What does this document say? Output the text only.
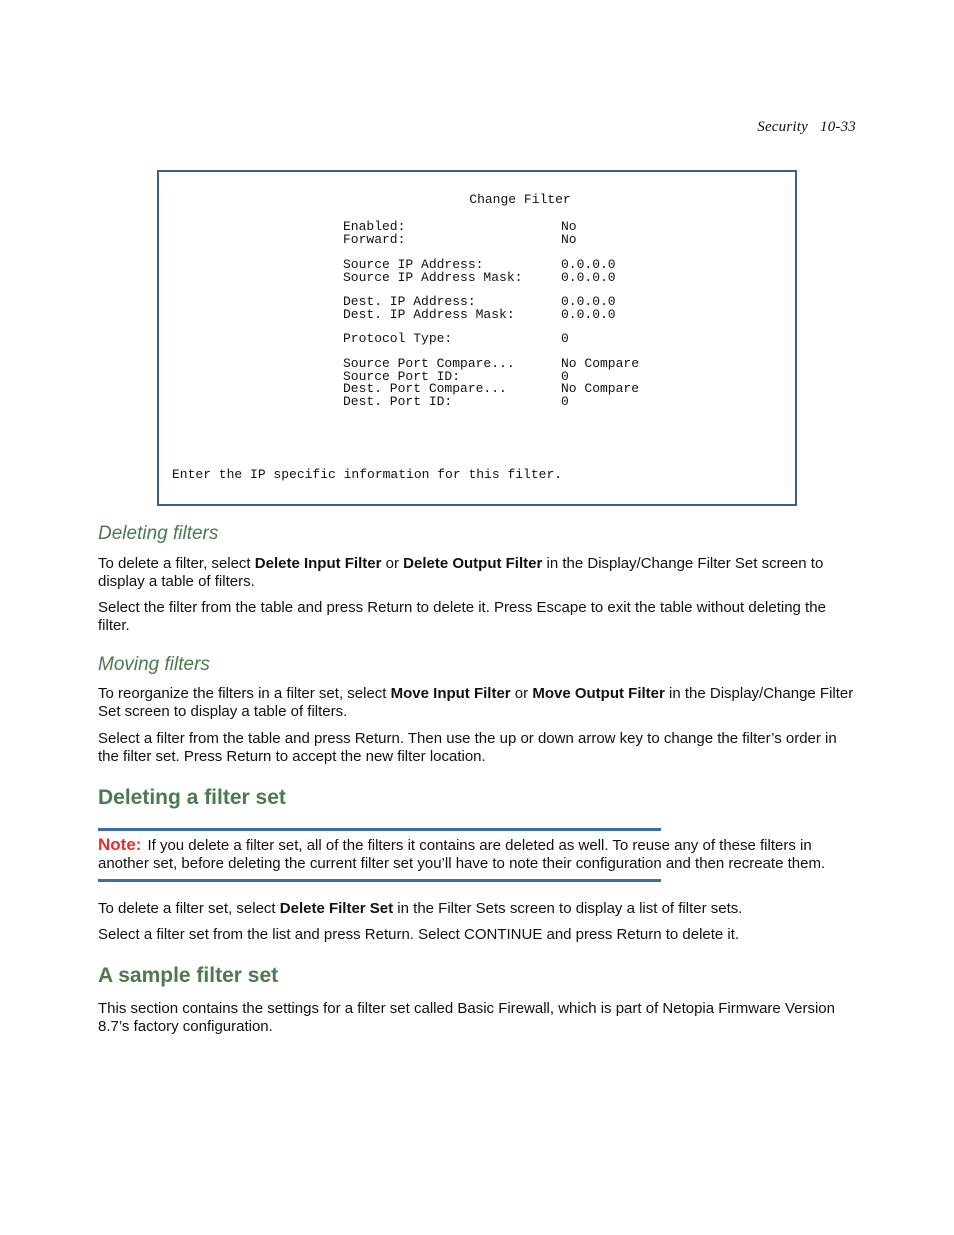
Security 10-33
Change Filter
Enabled:	No
Forward:	No
Source IP Address:	0.0.0.0
Source IP Address Mask:	0.0.0.0
Dest. IP Address:	0.0.0.0
Dest. IP Address Mask:	0.0.0.0
Protocol Type:	0
Source Port Compare...	No Compare
Source Port ID:	0
Dest. Port Compare...	No Compare
Dest. Port ID:	0
Enter the IP specific information for this filter.
Deleting filters

To delete a filter, select Delete Input Filter or Delete Output Filter in the Display/Change Filter Set screen to display a table of filters.

Select the filter from the table and press Return to delete it. Press Escape to exit the table without deleting the filter.

Moving filters

To reorganize the filters in a filter set, select Move Input Filter or Move Output Filter in the Display/Change Filter Set screen to display a table of filters.

Select a filter from the table and press Return. Then use the up or down arrow key to change the filter’s order in the filter set. Press Return to accept the new filter location.

Deleting a filter set

Note: If you delete a filter set, all of the filters it contains are deleted as well. To reuse any of these filters in another set, before deleting the current filter set you’ll have to note their configuration and then recreate them.

To delete a filter set, select Delete Filter Set in the Filter Sets screen to display a list of filter sets.

Select a filter set from the list and press Return. Select CONTINUE and press Return to delete it.

A sample filter set

This section contains the settings for a filter set called Basic Firewall, which is part of Netopia Firmware Version 8.7’s factory configuration.
